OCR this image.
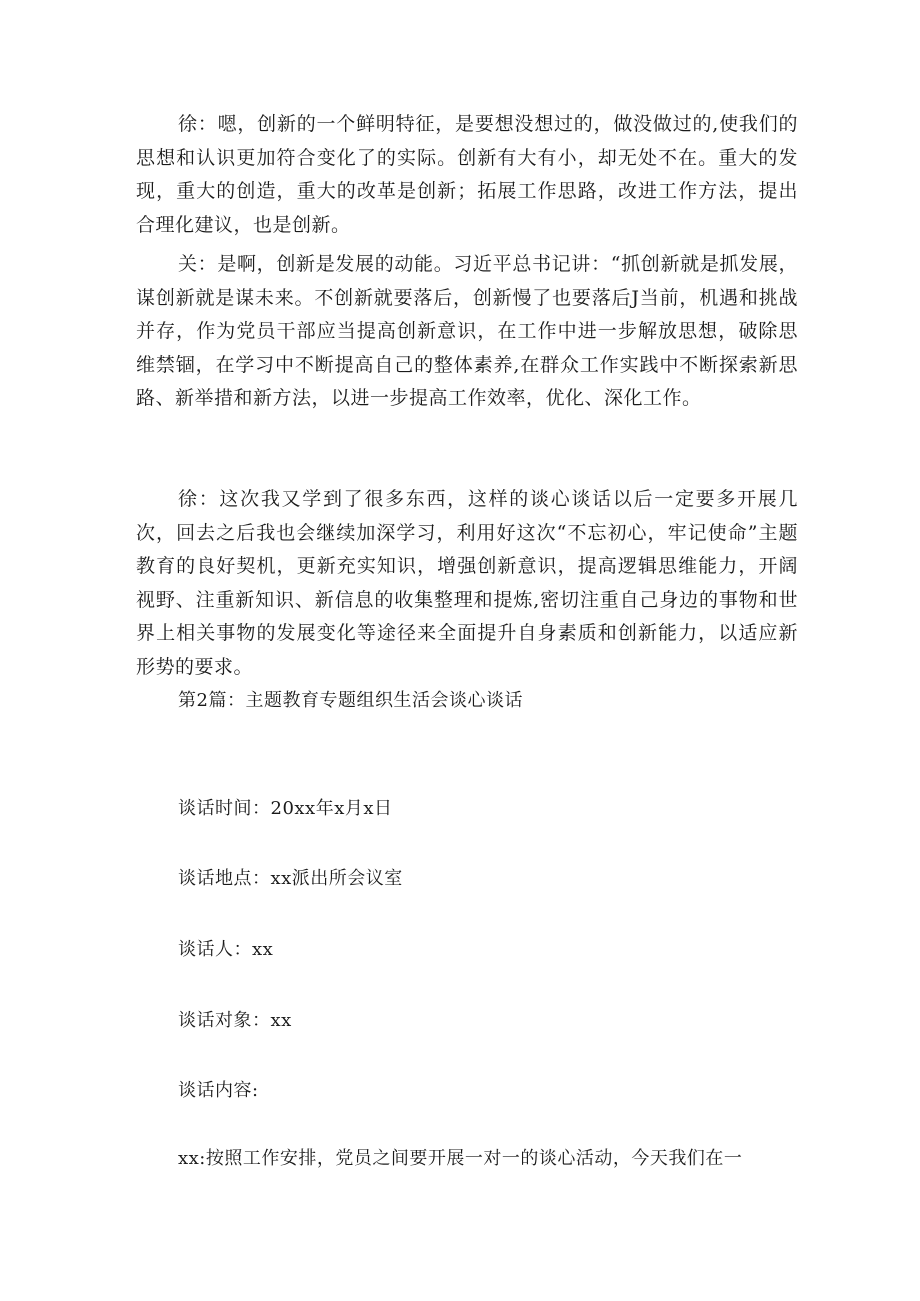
徐：嗯，创新的一个鲜明特征，是要想没想过的，做没做过的,使我们的思想和认识更加符合变化了的实际。创新有大有小，却无处不在。重大的发现，重大的创造，重大的改革是创新；拓展工作思路，改进工作方法，提出合理化建议，也是创新。

关：是啊，创新是发展的动能。习近平总书记讲：“抓创新就是抓发展，谋创新就是谋未来。不创新就要落后，创新慢了也要落后J当前，机遇和挑战并存，作为党员干部应当提高创新意识，在工作中进一步解放思想，破除思维禁锢，在学习中不断提高自己的整体素养,在群众工作实践中不断探索新思路、新举措和新方法，以进一步提高工作效率，优化、深化工作。

徐：这次我又学到了很多东西，这样的谈心谈话以后一定要多开展几次，回去之后我也会继续加深学习，利用好这次“不忘初心，牢记使命”主题教育的良好契机，更新充实知识，增强创新意识，提高逻辑思维能力，开阔视野、注重新知识、新信息的收集整理和提炼,密切注重自己身边的事物和世界上相关事物的发展变化等途径来全面提升自身素质和创新能力，以适应新形势的要求。

第2篇：主题教育专题组织生活会谈心谈话

谈话时间：20xx年x月x日

谈话地点：xx派出所会议室

谈话人：xx

谈话对象：xx

谈话内容:

xx:按照工作安排，党员之间要开展一对一的谈心活动，今天我们在一
